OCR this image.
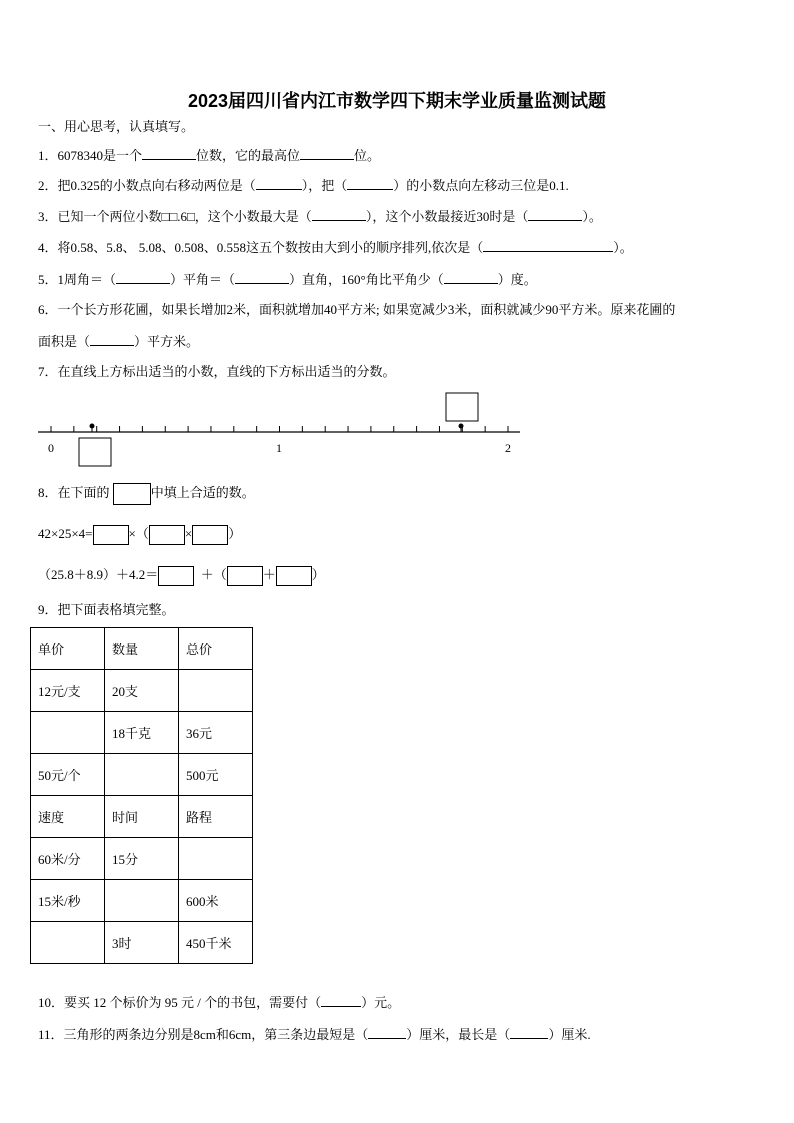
2023届四川省内江市数学四下期末学业质量监测试题
一、用心思考，认真填写。
1．6078340是一个	位数，它的最高位	位。
2．把0.325的小数点向右移动两位是（	），把（	）的小数点向左移动三位是0.1.
3．已知一个两位小数□□.6□，这个小数最大是（	），这个小数最接近30时是（	）。
4．将0.58、5.8、 5.08、0.508、0.558这五个数按由大到小的顺序排列,依次是（	）。
5．1周角＝（	）平角＝（	）直角，160°角比平角少（	）度。
6．一个长方形花圃，如果长增加2米，面积就增加40平方米; 如果宽减少3米，面积就减少90平方米。原来花圃的
面积是（	）平方米。
7．在直线上方标出适当的小数，直线的下方标出适当的分数。
0	1	2
8．在下面的	中填上合适的数。
42×25×4=	×（	×	）
（25.8＋8.9）＋4.2＝	＋（	＋	）
9．把下面表格填完整。
单价	数量	总价
12元/支	20支	
	18千克	36元
50元/个		500元
速度	时间	路程
60米/分	15分	
15米/秒		600米
	3时	450千米
10．要买 12 个标价为 95 元 / 个的书包，需要付（	）元。
11．三角形的两条边分别是8cm和6cm，第三条边最短是（	）厘米，最长是（	）厘米.
